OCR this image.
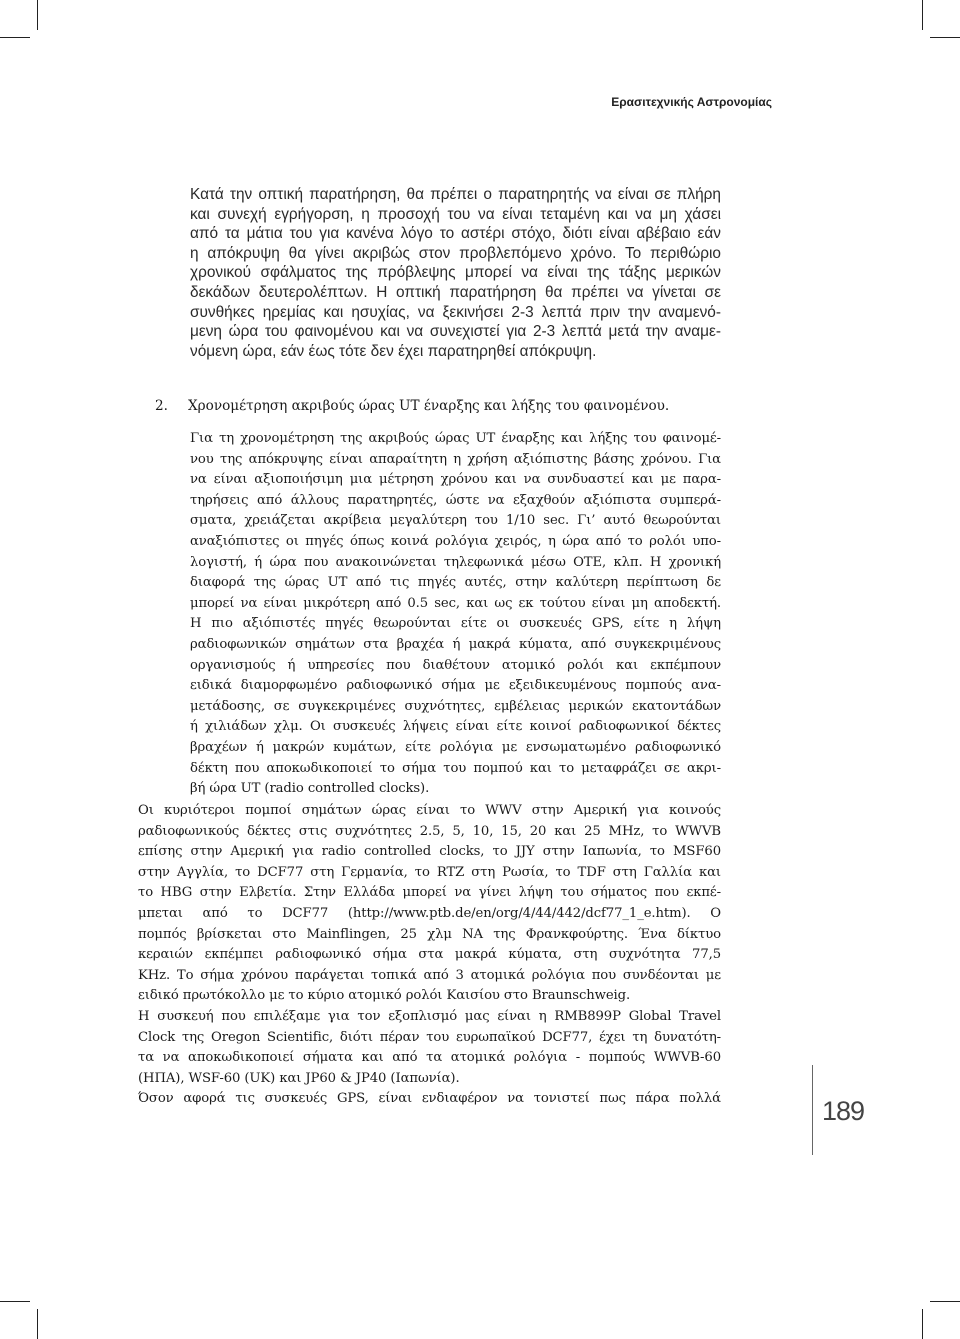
Ερασιτεχνικής Αστρονομίας
Κατά την οπτική παρατήρηση, θα πρέπει ο παρατηρητής να είναι σε πλήρη
και συνεχή εγρήγορση, η προσοχή του να είναι τεταμένη και να μη χάσει
από τα μάτια του για κανένα λόγο το αστέρι στόχο, διότι είναι αβέβαιο εάν
η απόκρυψη θα γίνει ακριβώς στον προβλεπόμενο χρόνο. Το περιθώριο
χρονικού σφάλματος της πρόβλεψης μπορεί να είναι της τάξης μερικών
δεκάδων δευτερολέπτων. Η οπτική παρατήρηση θα πρέπει να γίνεται σε
συνθήκες ηρεμίας και ησυχίας, να ξεκινήσει 2-3 λεπτά πριν την αναμενό-
μενη ώρα του φαινομένου και να συνεχιστεί για 2-3 λεπτά μετά την αναμε-
νόμενη ώρα, εάν έως τότε δεν έχει παρατηρηθεί απόκρυψη.
2. Χρονομέτρηση ακριβούς ώρας UT έναρξης και λήξης του φαινομένου.
Για τη χρονομέτρηση της ακριβούς ώρας UT έναρξης και λήξης του φαινομέ-
νου της απόκρυψης είναι απαραίτητη η χρήση αξιόπιστης βάσης χρόνου. Για
να είναι αξιοποιήσιμη μια μέτρηση χρόνου και να συνδυαστεί και με παρα-
τηρήσεις από άλλους παρατηρητές, ώστε να εξαχθούν αξιόπιστα συμπερά-
σματα, χρειάζεται ακρίβεια μεγαλύτερη του 1/10 sec. Γι’ αυτό θεωρούνται
αναξιόπιστες οι πηγές όπως κοινά ρολόγια χειρός, η ώρα από το ρολόι υπο-
λογιστή, ή ώρα που ανακοινώνεται τηλεφωνικά μέσω ΟΤΕ, κλπ. Η χρονική
διαφορά της ώρας UT από τις πηγές αυτές, στην καλύτερη περίπτωση δε
μπορεί να είναι μικρότερη από 0.5 sec, και ως εκ τούτου είναι μη αποδεκτή.
Η πιο αξιόπιστές πηγές θεωρούνται είτε οι συσκευές GPS, είτε η λήψη
ραδιοφωνικών σημάτων στα βραχέα ή μακρά κύματα, από συγκεκριμένους
οργανισμούς ή υπηρεσίες που διαθέτουν ατομικό ρολόι και εκπέμπουν
ειδικά διαμορφωμένο ραδιοφωνικό σήμα με εξειδικευμένους πομπούς ανα-
μετάδοσης, σε συγκεκριμένες συχνότητες, εμβέλειας μερικών εκατοντάδων
ή χιλιάδων χλμ. Οι συσκευές λήψεις είναι είτε κοινοί ραδιοφωνικοί δέκτες
βραχέων ή μακρών κυμάτων, είτε ρολόγια με ενσωματωμένο ραδιοφωνικό
δέκτη που αποκωδικοποιεί το σήμα του πομπού και το μεταφράζει σε ακρι-
βή ώρα UT (radio controlled clocks).
Οι κυριότεροι πομποί σημάτων ώρας είναι το WWV στην Αμερική για κοινούς
ραδιοφωνικούς δέκτες στις συχνότητες 2.5, 5, 10, 15, 20 και 25 MHz, το WWVB
επίσης στην Αμερική για radio controlled clocks, το JJY στην Ιαπωνία, το MSF60
στην Αγγλία, το DCF77 στη Γερμανία, το RTZ στη Ρωσία, το TDF στη Γαλλία και
το HBG στην Ελβετία. Στην Ελλάδα μπορεί να γίνει λήψη του σήματος που εκπέ-
μπεται από το DCF77 (http://www.ptb.de/en/org/4/44/442/dcf77_1_e.htm). Ο
πομπός βρίσκεται στο Mainflingen, 25 χλμ ΝΑ της Φρανκφούρτης. Ένα δίκτυο
κεραιών εκπέμπει ραδιοφωνικό σήμα στα μακρά κύματα, στη συχνότητα 77,5
KHz. Το σήμα χρόνου παράγεται τοπικά από 3 ατομικά ρολόγια που συνδέονται με
ειδικό πρωτόκολλο με το κύριο ατομικό ρολόι Καισίου στο Braunschweig.
Η συσκευή που επιλέξαμε για τον εξοπλισμό μας είναι η RMB899P Global Travel
Clock της Oregon Scientific, διότι πέραν του ευρωπαϊκού DCF77, έχει τη δυνατότη-
τα να αποκωδικοποιεί σήματα και από τα ατομικά ρολόγια - πομπούς WWVB-60
(ΗΠΑ), WSF-60 (UK) και JP60 & JP40 (Ιαπωνία).
Όσον αφορά τις συσκευές GPS, είναι ενδιαφέρον να τονιστεί πως πάρα πολλά	189
